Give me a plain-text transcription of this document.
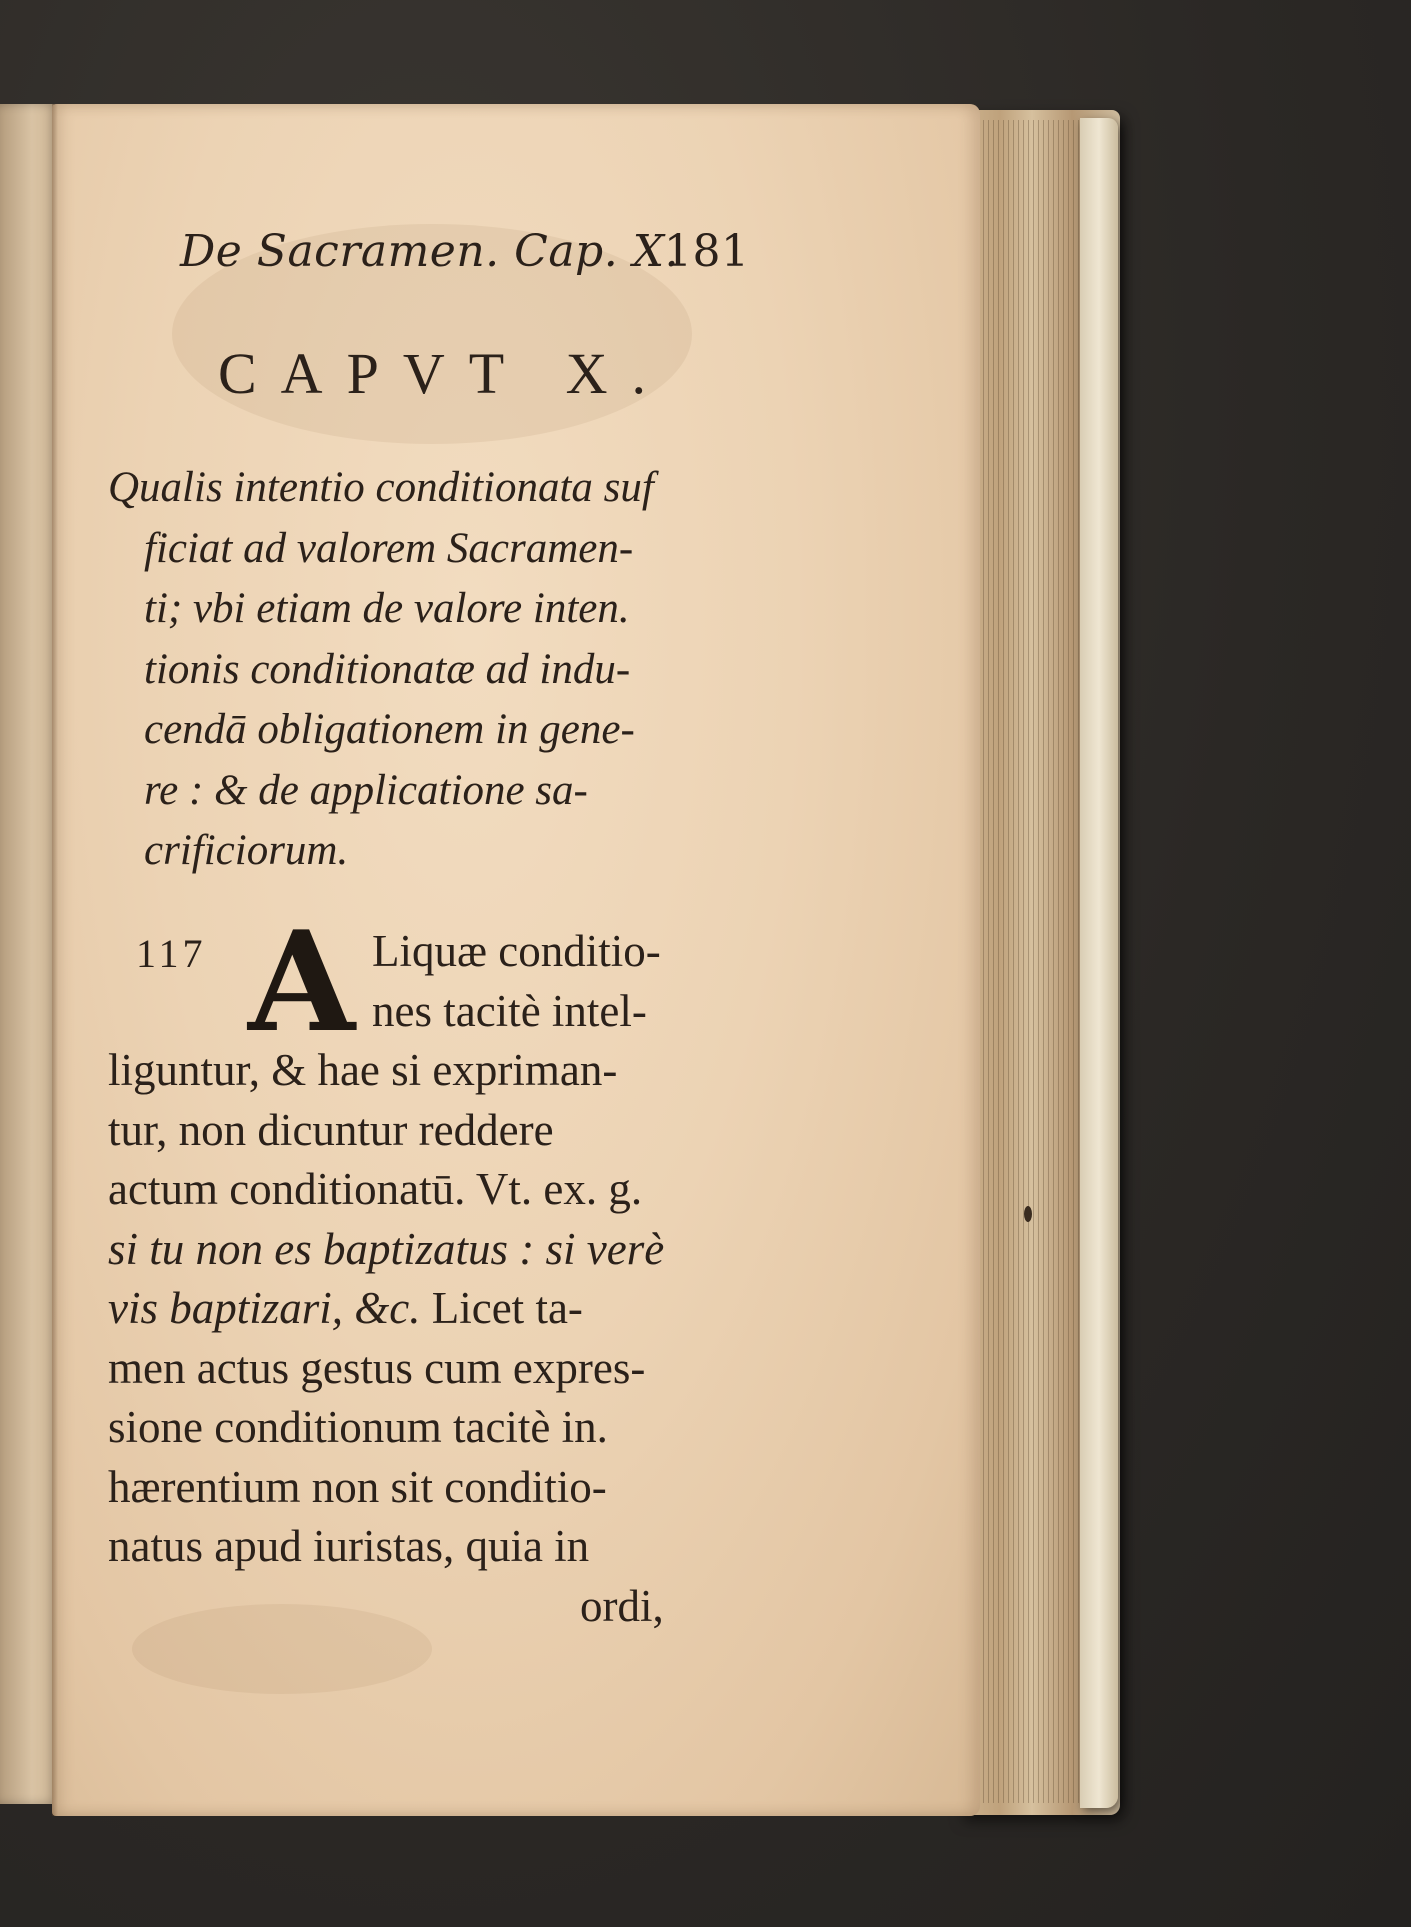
De Sacramen. Cap. X.
181
CAPVT X.
Qualis intentio conditionata suf
ficiat ad valorem Sacramen-
ti; vbi etiam de valore inten.
tionis conditionatæ ad indu-
cendā obligationem in gene-
re : & de applicatione sa-
crificiorum.
117 A Liquæ conditio-
nes tacitè intel-
liguntur, & hae si expriman-
tur, non dicuntur reddere
actum conditionatū. Vt. ex. g.
si tu non es baptizatus : si verè
vis baptizari, &c. Licet ta-
men actus gestus cum expres-
sione conditionum tacitè in.
hærentium non sit conditio-
natus apud iuristas, quia in
ordi,
